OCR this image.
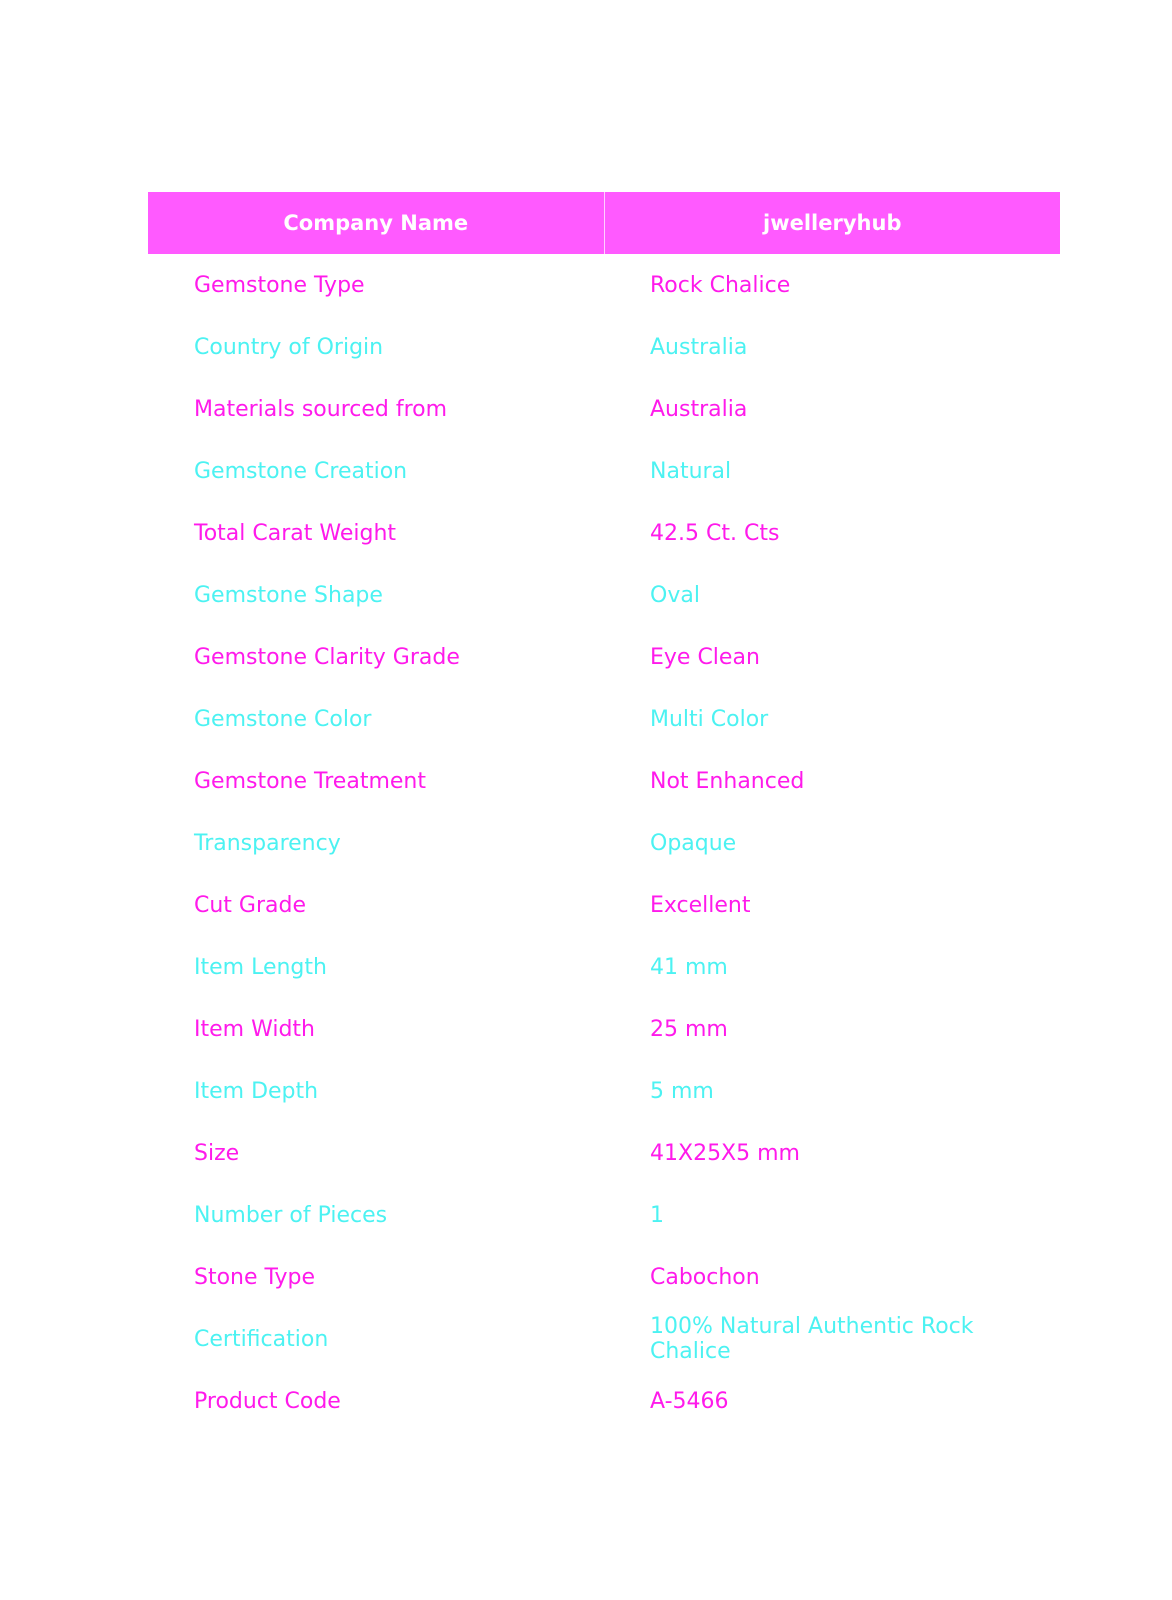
Company Name	jwelleryhub
Gemstone Type	Rock Chalice
Country of Origin	Australia
Materials sourced from	Australia
Gemstone Creation	Natural
Total Carat Weight	42.5 Ct. Cts
Gemstone Shape	Oval
Gemstone Clarity Grade	Eye Clean
Gemstone Color	Multi Color
Gemstone Treatment	Not Enhanced
Transparency	Opaque
Cut Grade	Excellent
Item Length	41 mm
Item Width	25 mm
Item Depth	5 mm
Size	41X25X5 mm
Number of Pieces	1
Stone Type	Cabochon
Certification	100% Natural Authentic Rock Chalice
Product Code	A-5466
